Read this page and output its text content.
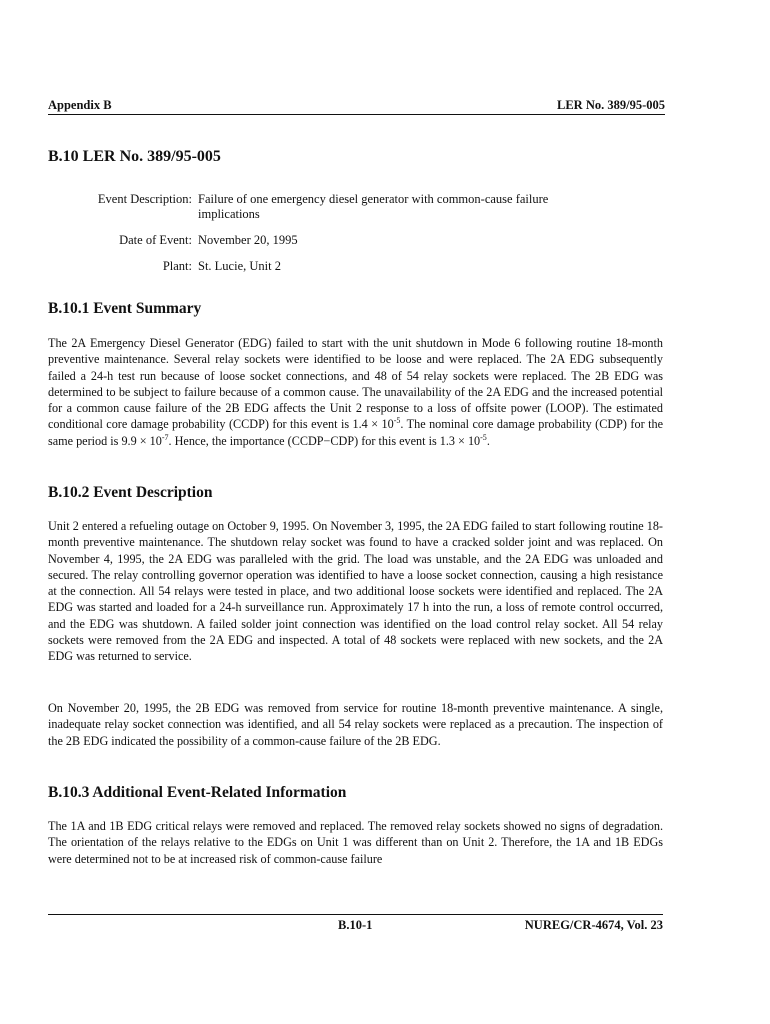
Appendix B	LER No. 389/95-005
B.10 LER No. 389/95-005
Event Description: Failure of one emergency diesel generator with common-cause failure implications
Date of Event: November 20, 1995
Plant: St. Lucie, Unit 2
B.10.1 Event Summary

The 2A Emergency Diesel Generator (EDG) failed to start with the unit shutdown in Mode 6 following routine 18-month preventive maintenance. Several relay sockets were identified to be loose and were replaced. The 2A EDG subsequently failed a 24-h test run because of loose socket connections, and 48 of 54 relay sockets were replaced. The 2B EDG was determined to be subject to failure because of a common cause. The unavailability of the 2A EDG and the increased potential for a common cause failure of the 2B EDG affects the Unit 2 response to a loss of offsite power (LOOP). The estimated conditional core damage probability (CCDP) for this event is $1.4 \times 10^{-5}$. The nominal core damage probability (CDP) for the same period is $9.9 \times 10^{-7}$. Hence, the importance (CCDP−CDP) for this event is $1.3 \times 10^{-5}$.

B.10.2 Event Description

Unit 2 entered a refueling outage on October 9, 1995. On November 3, 1995, the 2A EDG failed to start following routine 18-month preventive maintenance. The shutdown relay socket was found to have a cracked solder joint and was replaced. On November 4, 1995, the 2A EDG was paralleled with the grid. The load was unstable, and the 2A EDG was unloaded and secured. The relay controlling governor operation was identified to have a loose socket connection, causing a high resistance at the connection. All 54 relays were tested in place, and two additional loose sockets were identified and replaced. The 2A EDG was started and loaded for a 24-h surveillance run. Approximately 17 h into the run, a loss of remote control occurred, and the EDG was shutdown. A failed solder joint connection was identified on the load control relay socket. All 54 relay sockets were removed from the 2A EDG and inspected. A total of 48 sockets were replaced with new sockets, and the 2A EDG was returned to service.

On November 20, 1995, the 2B EDG was removed from service for routine 18-month preventive maintenance. A single, inadequate relay socket connection was identified, and all 54 relay sockets were replaced as a precaution. The inspection of the 2B EDG indicated the possibility of a common-cause failure of the 2B EDG.

B.10.3 Additional Event-Related Information

The 1A and 1B EDG critical relays were removed and replaced. The removed relay sockets showed no signs of degradation. The orientation of the relays relative to the EDGs on Unit 1 was different than on Unit 2. Therefore, the 1A and 1B EDGs were determined not to be at increased risk of common-cause failure

B.10-1	NUREG/CR-4674, Vol. 23
